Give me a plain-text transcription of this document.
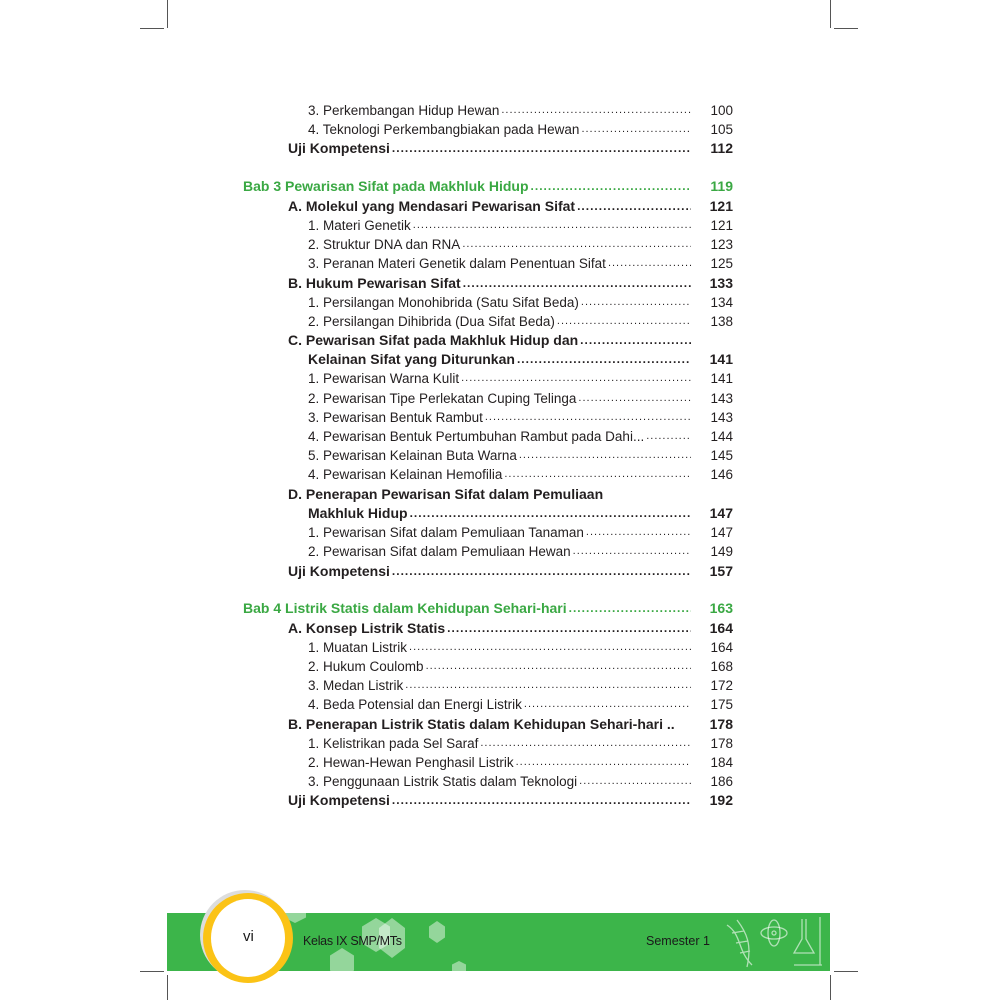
3. Perkembangan Hidup Hewan .....	100
4. Teknologi Perkembangbiakan pada Hewan .....	105
Uji Kompetensi .....	112
Bab 3 Pewarisan Sifat pada Makhluk Hidup .....	119
A. Molekul yang Mendasari Pewarisan Sifat .....	121
1. Materi Genetik .....	121
2. Struktur DNA dan RNA .....	123
3. Peranan Materi Genetik dalam Penentuan Sifat .....	125
B. Hukum Pewarisan Sifat .....	133
1. Persilangan Monohibrida (Satu Sifat Beda) .....	134
2. Persilangan Dihibrida (Dua Sifat Beda) .....	138
C. Pewarisan Sifat pada Makhluk Hidup dan
.....
Kelainan Sifat yang Diturunkan .....	141
1. Pewarisan Warna Kulit .....	141
2. Pewarisan Tipe Perlekatan Cuping Telinga .....	143
3. Pewarisan Bentuk Rambut .....	143
4. Pewarisan Bentuk Pertumbuhan Rambut pada Dahi... .....	144
5. Pewarisan Kelainan Buta Warna .....	145
4. Pewarisan Kelainan Hemofilia .....	146
D. Penerapan Pewarisan Sifat dalam Pemuliaan
Makhluk Hidup .....	147
1. Pewarisan Sifat dalam Pemuliaan Tanaman .....	147
2. Pewarisan Sifat dalam Pemuliaan Hewan .....	149
Uji Kompetensi .....	157
Bab 4 Listrik Statis dalam Kehidupan Sehari-hari .....	163
A. Konsep Listrik Statis .....	164
1. Muatan Listrik .....	164
2. Hukum Coulomb .....	168
3. Medan Listrik .....	172
4. Beda Potensial dan Energi Listrik .....	175
B. Penerapan Listrik Statis dalam Kehidupan Sehari-hari ..	178
1. Kelistrikan pada Sel Saraf .....	178
2. Hewan-Hewan Penghasil Listrik .....	184
3. Penggunaan Listrik Statis dalam Teknologi .....	186
Uji Kompetensi .....	192
vi	Kelas IX SMP/MTs	Semester 1
